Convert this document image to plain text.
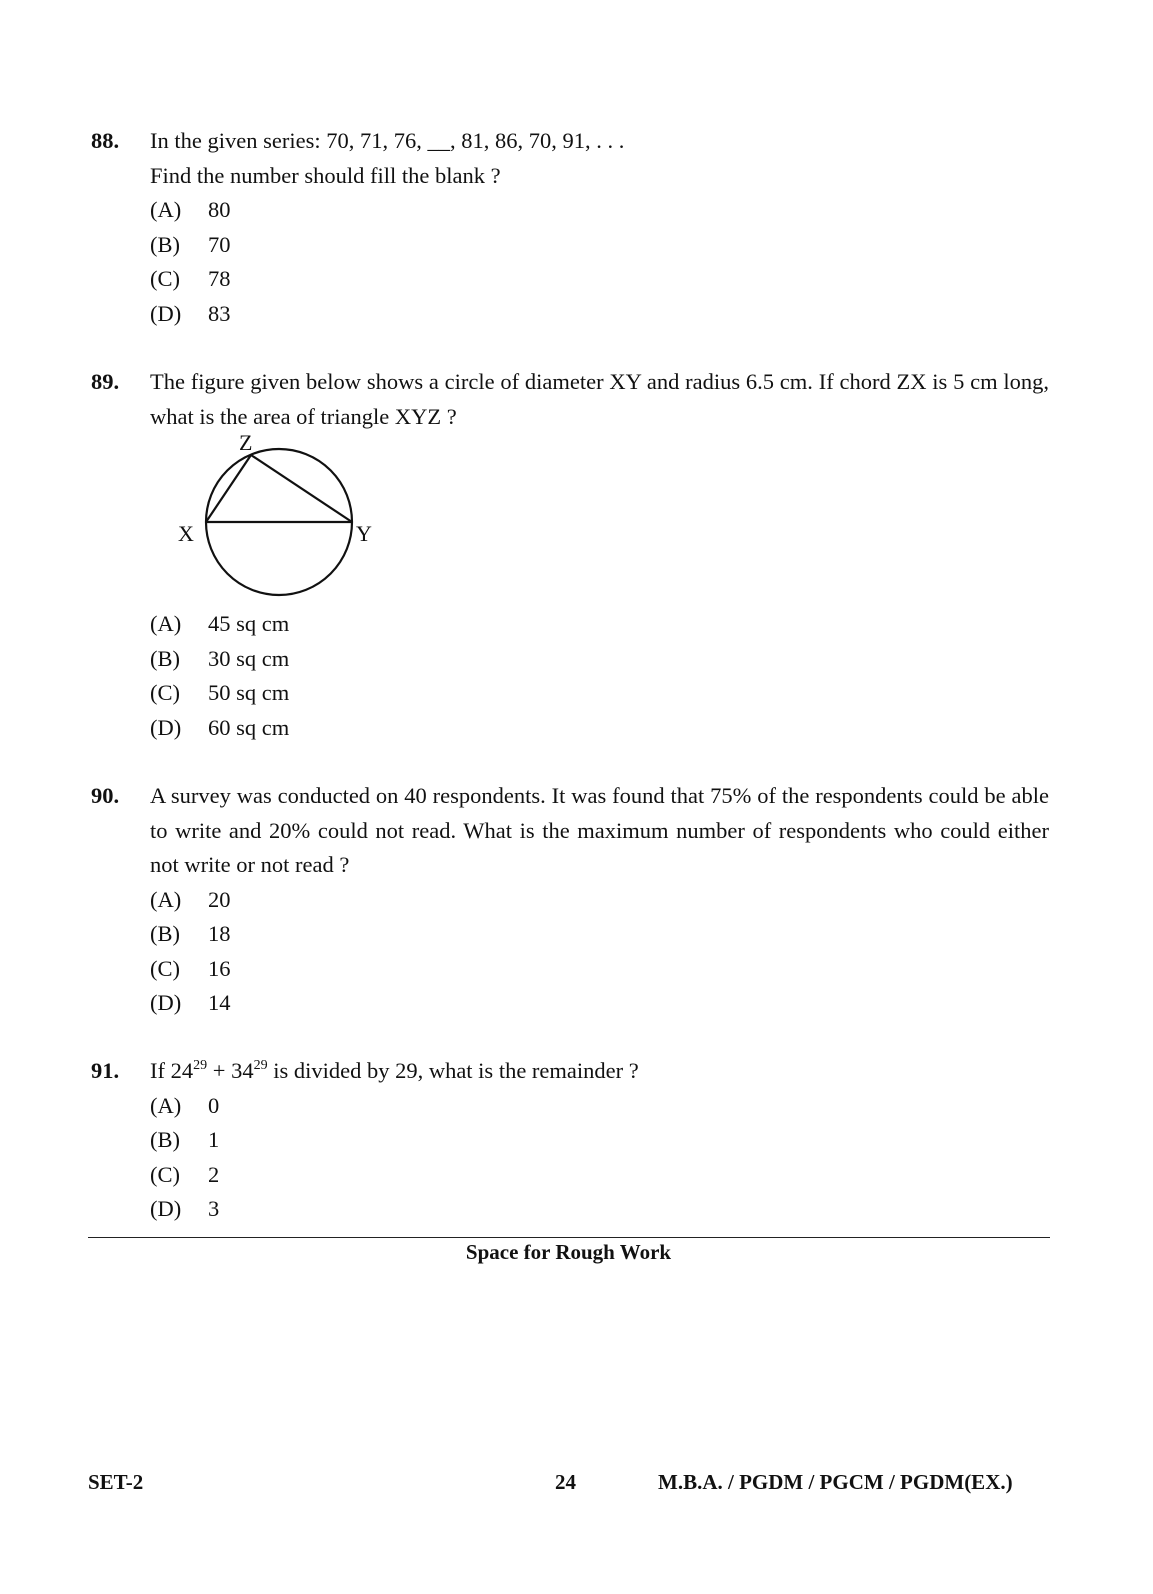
88. In the given series: 70, 71, 76, __, 81, 86, 70, 91, . . .
Find the number should fill the blank ?
(A) 80
(B) 70
(C) 78
(D) 83
89. The figure given below shows a circle of diameter XY and radius 6.5 cm. If chord ZX is 5 cm long, what is the area of triangle XYZ ?
Z
X	Y
(A) 45 sq cm
(B) 30 sq cm
(C) 50 sq cm
(D) 60 sq cm
90. A survey was conducted on 40 respondents. It was found that 75% of the respondents could be able to write and 20% could not read. What is the maximum number of respondents who could either not write or not read ?
(A) 20
(B) 18
(C) 16
(D) 14
91. If $24^{29} + 34^{29}$ is divided by 29, what is the remainder ?
(A) 0
(B) 1
(C) 2
(D) 3
Space for Rough Work
SET-2	24	M.B.A. / PGDM / PGCM / PGDM(EX.)
